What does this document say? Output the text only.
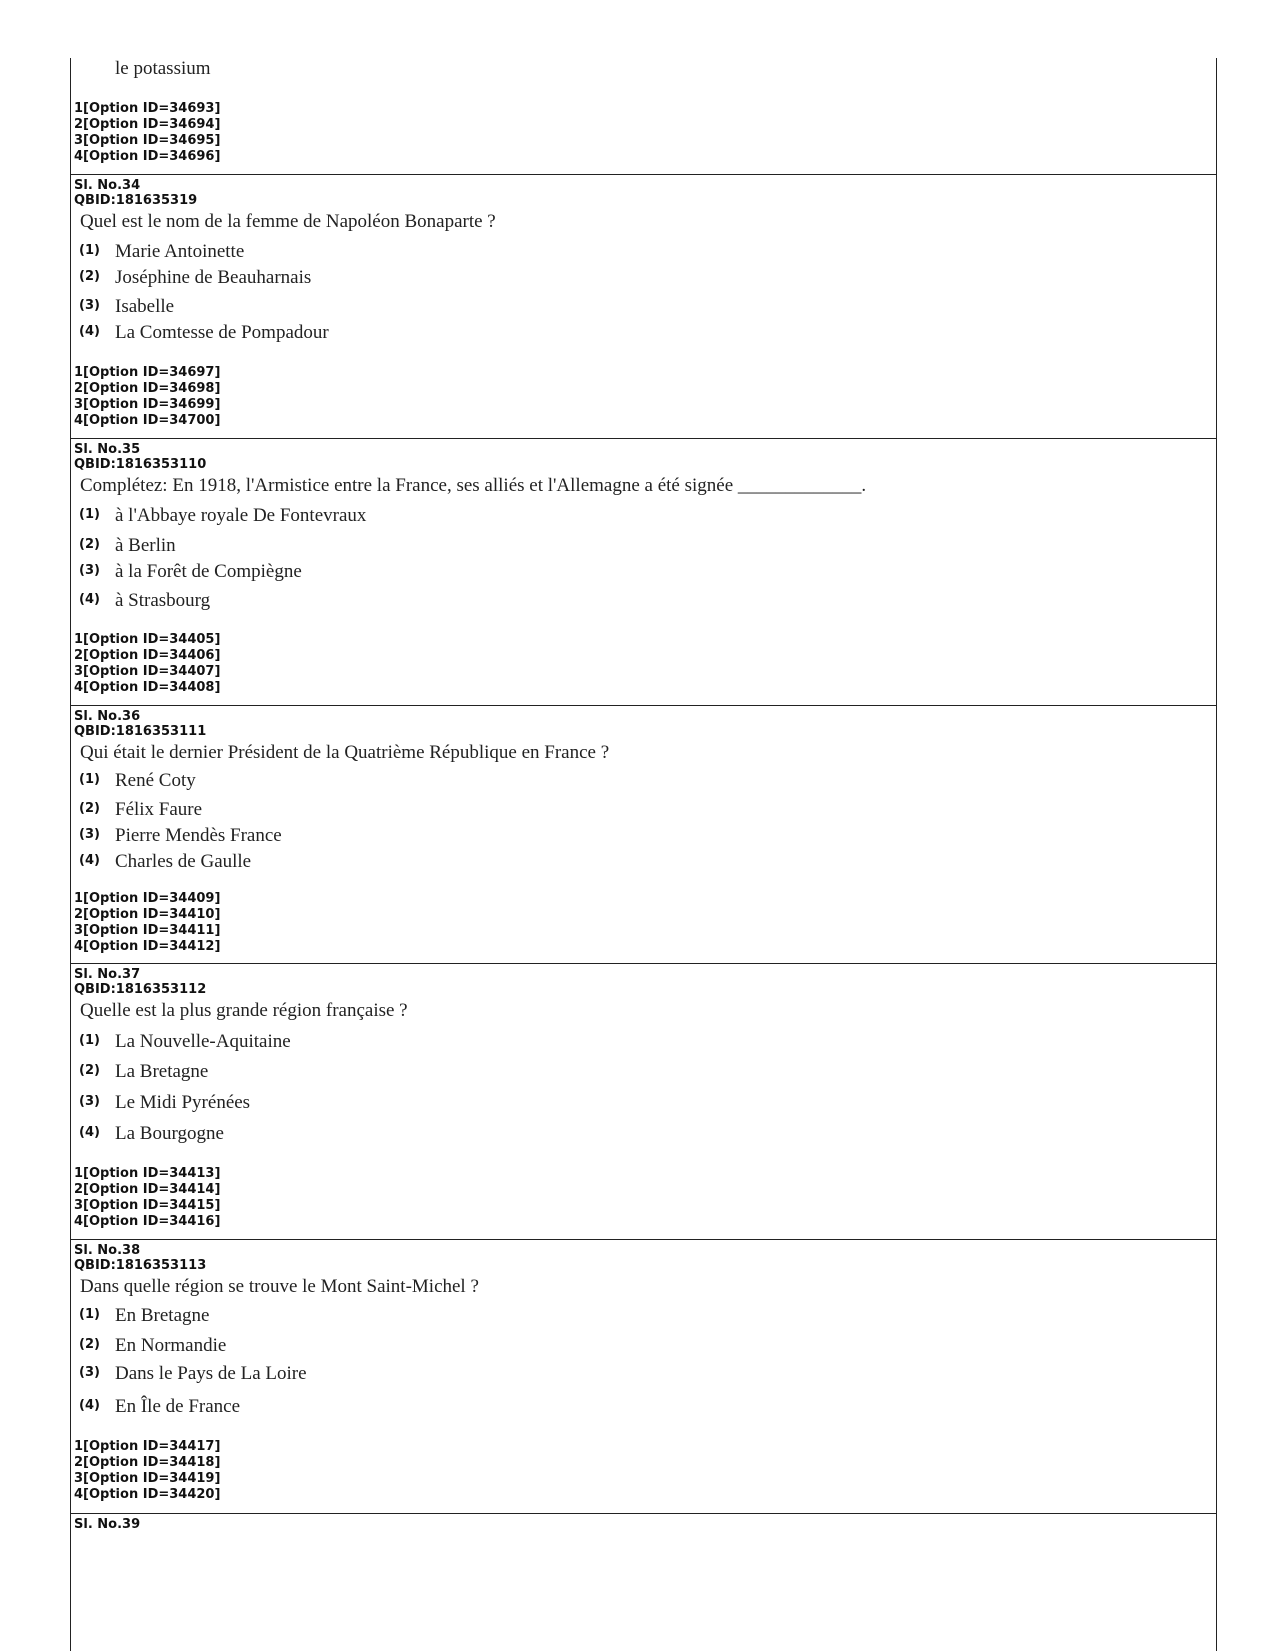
le potassium
1[Option ID=34693]
2[Option ID=34694]
3[Option ID=34695]
4[Option ID=34696]
Sl. No.34
QBID:181635319
Quel est le nom de la femme de Napoléon Bonaparte ?
(1) Marie Antoinette
(2) Joséphine de Beauharnais
(3) Isabelle
(4) La Comtesse de Pompadour
1[Option ID=34697]
2[Option ID=34698]
3[Option ID=34699]
4[Option ID=34700]
Sl. No.35
QBID:1816353110
Complétez: En 1918, l'Armistice entre la France, ses alliés et l'Allemagne a été signée _____________.
(1) à l'Abbaye royale De Fontevraux
(2) à Berlin
(3) à la Forêt de Compiègne
(4) à Strasbourg
1[Option ID=34405]
2[Option ID=34406]
3[Option ID=34407]
4[Option ID=34408]
Sl. No.36
QBID:1816353111
Qui était le dernier Président de la Quatrième République en France ?
(1) René Coty
(2) Félix Faure
(3) Pierre Mendès France
(4) Charles de Gaulle
1[Option ID=34409]
2[Option ID=34410]
3[Option ID=34411]
4[Option ID=34412]
Sl. No.37
QBID:1816353112
Quelle est la plus grande région française ?
(1) La Nouvelle-Aquitaine
(2) La Bretagne
(3) Le Midi Pyrénées
(4) La Bourgogne
1[Option ID=34413]
2[Option ID=34414]
3[Option ID=34415]
4[Option ID=34416]
Sl. No.38
QBID:1816353113
Dans quelle région se trouve le Mont Saint-Michel ?
(1) En Bretagne
(2) En Normandie
(3) Dans le Pays de La Loire
(4) En Île de France
1[Option ID=34417]
2[Option ID=34418]
3[Option ID=34419]
4[Option ID=34420]
Sl. No.39
